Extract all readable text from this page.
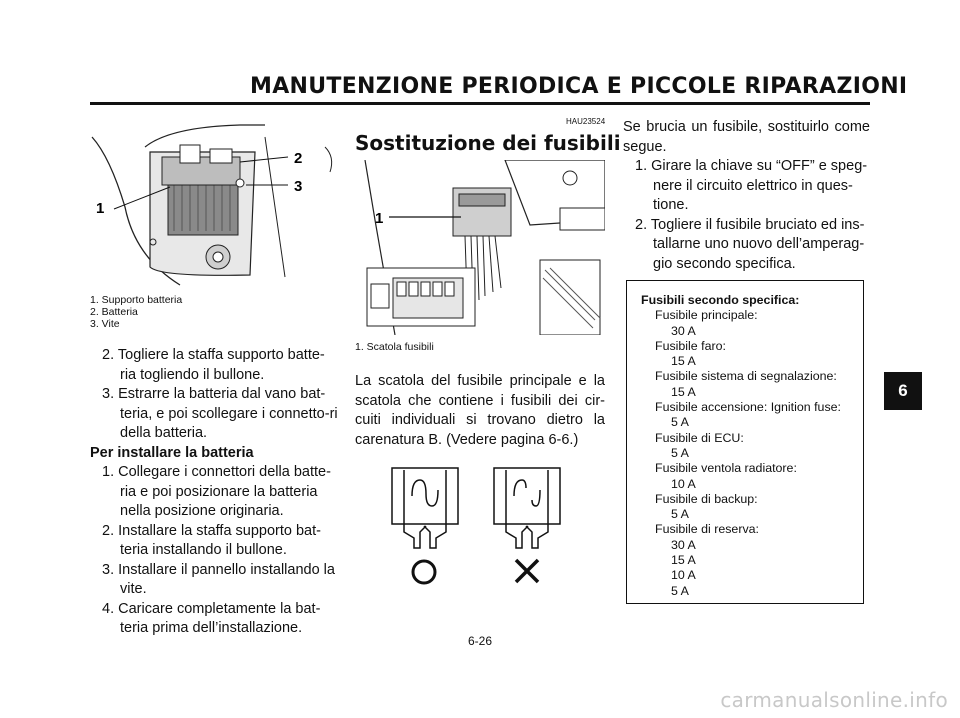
MANUTENZIONE PERIODICA E PICCOLE RIPARAZIONI
6
1
2
3
1. Supporto batteria
2. Batteria
3. Vite
2. Togliere la staffa supporto batte-ria togliendo il bullone.
3. Estrarre la batteria dal vano bat-teria, e poi scollegare i connetto-ri della batteria.
Per installare la batteria
1. Collegare i connettori della batte-ria e poi posizionare la batteria nella posizione originaria.
2. Installare la staffa supporto bat-teria installando il bullone.
3. Installare il pannello installando la vite.
4. Caricare completamente la bat-teria prima dell’installazione.
HAU23524
Sostituzione dei fusibili
1
1. Scatola fusibili
La scatola del fusibile principale e la scatola che contiene i fusibili dei cir-cuiti individuali si trovano dietro la carenatura B. (Vedere pagina 6-6.)
Se brucia un fusibile, sostituirlo come segue.
1. Girare la chiave su “OFF” e speg-nere il circuito elettrico in ques-tione.
2. Togliere il fusibile bruciato ed ins-tallarne uno nuovo dell’amperag-gio secondo specifica.
Fusibili secondo specifica:
Fusibile principale:
30 A
Fusibile faro:
15 A
Fusibile sistema di segnalazione:
15 A
Fusibile accensione: Ignition fuse:
5 A
Fusibile di ECU:
5 A
Fusibile ventola radiatore:
10 A
Fusibile di backup:
5 A
Fusibile di reserva:
30 A
15 A
10 A
5 A
6-26
carmanualsonline.info
